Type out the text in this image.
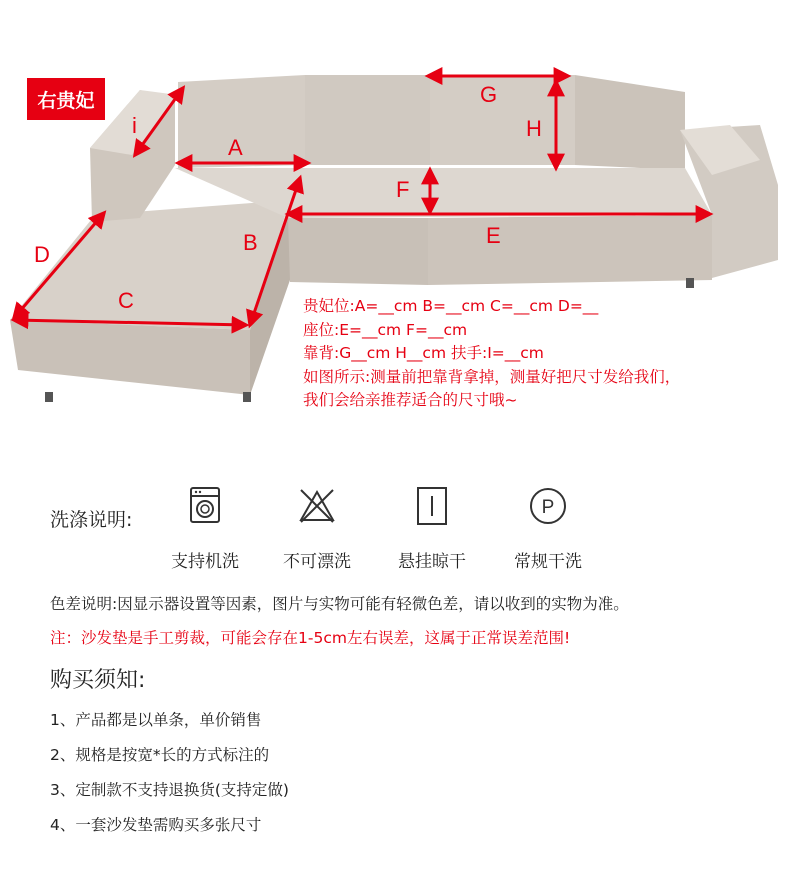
i
A
B
C
D
E
F
G
H
右贵妃
贵妃位:A=__cm B=__cm C=__cm D=__
座位:E=__cm F=__cm
靠背:G__cm H__cm 扶手:I=__cm
如图所示:测量前把靠背拿掉，测量好把尺寸发给我们，
我们会给亲推荐适合的尺寸哦~
洗涤说明:
支持机洗	不可漂洗	悬挂晾干
P
常规干洗
色差说明:因显示器设置等因素，图片与实物可能有轻微色差，请以收到的实物为准。
注：沙发垫是手工剪裁，可能会存在1-5cm左右误差，这属于正常误差范围!
购买须知:
1、产品都是以单条，单价销售
2、规格是按宽*长的方式标注的
3、定制款不支持退换货(支持定做)
4、一套沙发垫需购买多张尺寸
